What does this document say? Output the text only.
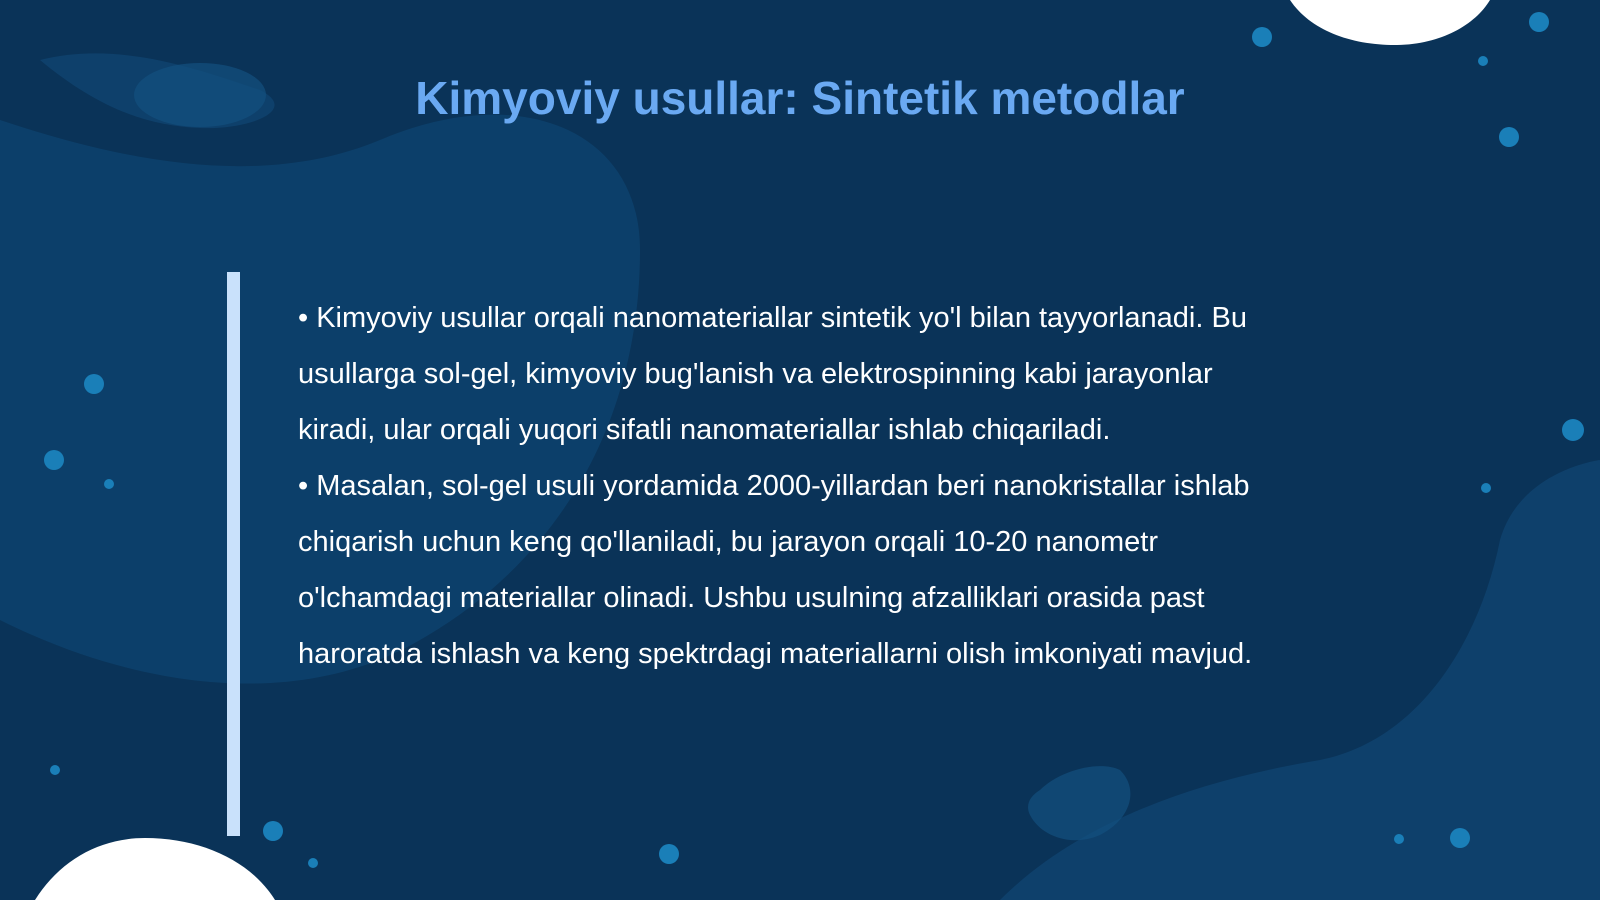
Kimyoviy usullar: Sintetik metodlar

• Kimyoviy usullar orqali nanomateriallar sintetik yo'l bilan tayyorlanadi. Bu usullarga sol-gel, kimyoviy bug'lanish va elektrospinning kabi jarayonlar kiradi, ular orqali yuqori sifatli nanomateriallar ishlab chiqariladi.

• Masalan, sol-gel usuli yordamida 2000-yillardan beri nanokristallar ishlab chiqarish uchun keng qo'llaniladi, bu jarayon orqali 10-20 nanometr o'lchamdagi materiallar olinadi. Ushbu usulning afzalliklari orasida past haroratda ishlash va keng spektrdagi materiallarni olish imkoniyati mavjud.
